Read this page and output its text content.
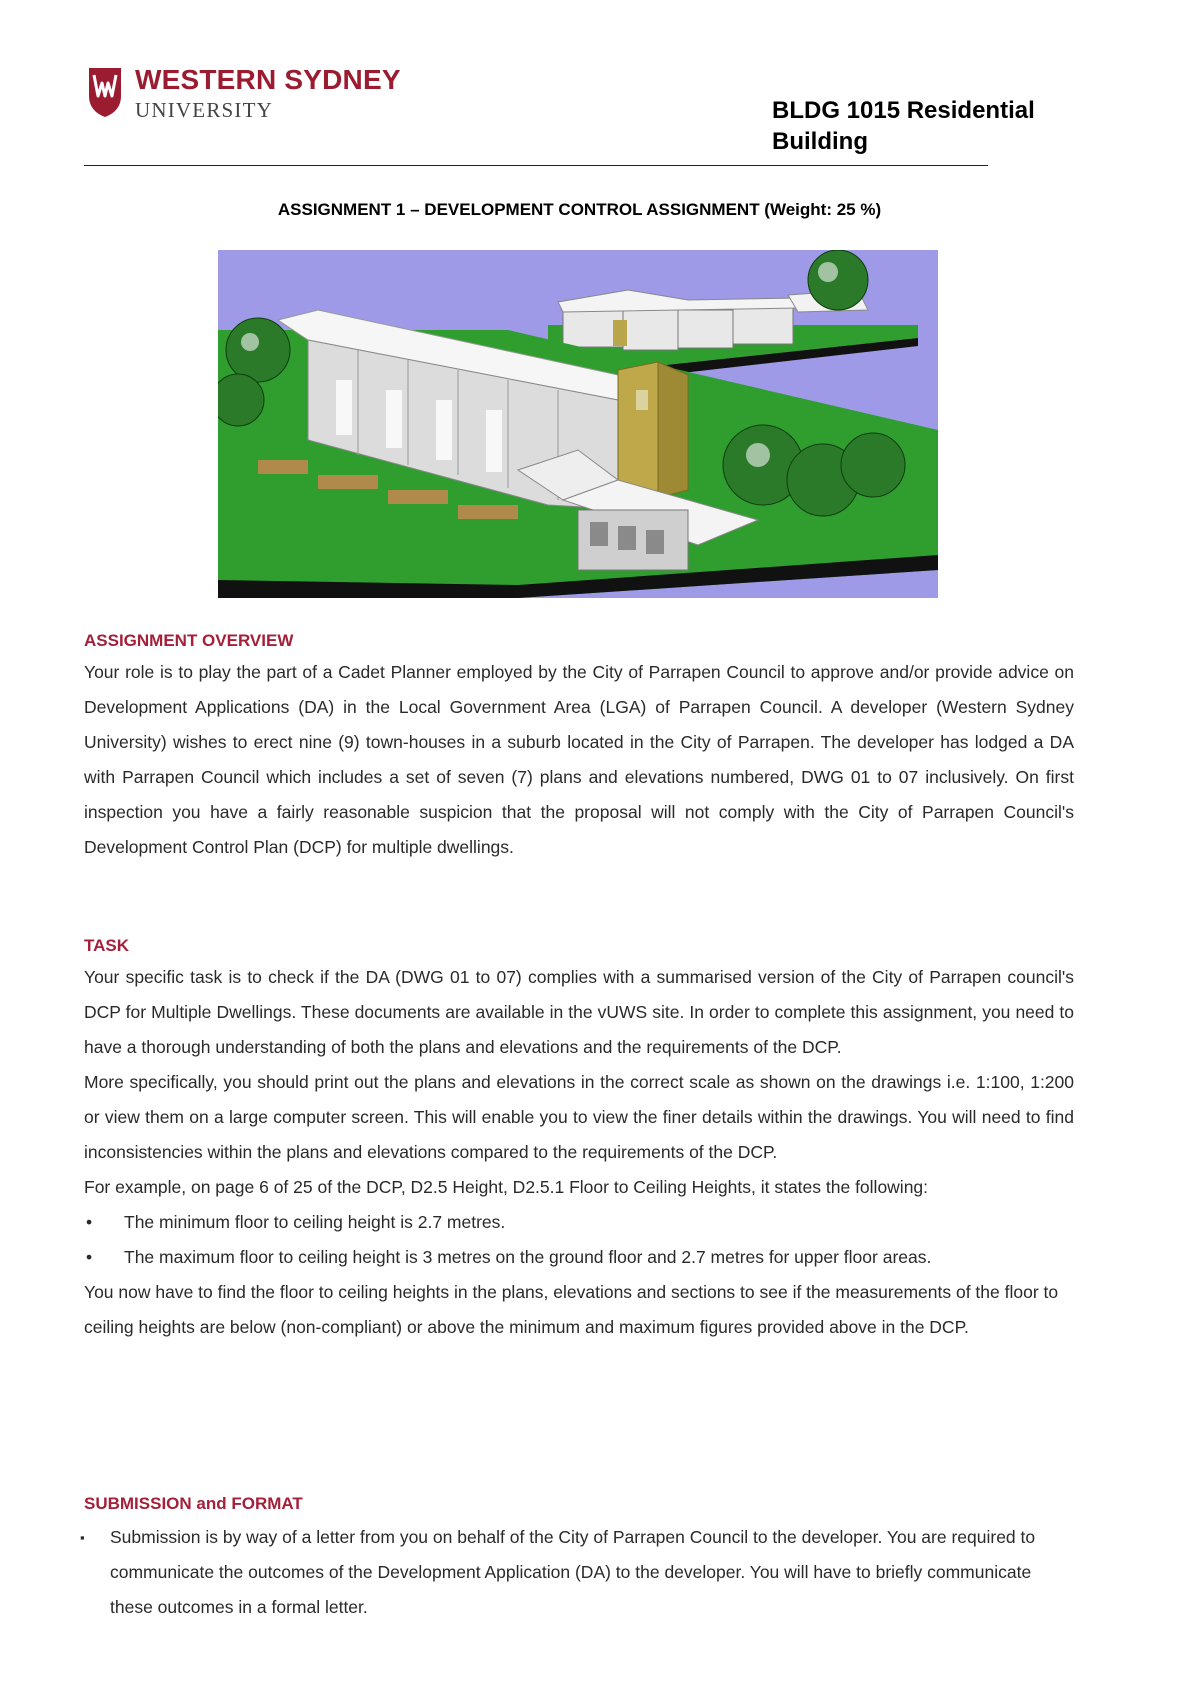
WESTERN SYDNEY
UNIVERSITY	BLDG 1015 Residential
Building
ASSIGNMENT 1 – DEVELOPMENT CONTROL ASSIGNMENT (Weight: 25 %)
ASSIGNMENT OVERVIEW

Your role is to play the part of a Cadet Planner employed by the City of Parrapen Council to approve and/or provide advice on Development Applications (DA) in the Local Government Area (LGA) of Parrapen Council. A developer (Western Sydney University) wishes to erect nine (9) town-houses in a suburb located in the City of Parrapen. The developer has lodged a DA with Parrapen Council which includes a set of seven (7) plans and elevations numbered, DWG 01 to 07 inclusively. On first inspection you have a fairly reasonable suspicion that the proposal will not comply with the City of Parrapen Council's Development Control Plan (DCP) for multiple dwellings.

TASK

Your specific task is to check if the DA (DWG 01 to 07) complies with a summarised version of the City of Parrapen council's DCP for Multiple Dwellings. These documents are available in the vUWS site. In order to complete this assignment, you need to have a thorough understanding of both the plans and elevations and the requirements of the DCP.

More specifically, you should print out the plans and elevations in the correct scale as shown on the drawings i.e. 1:100, 1:200 or view them on a large computer screen. This will enable you to view the finer details within the drawings. You will need to find inconsistencies within the plans and elevations compared to the requirements of the DCP.

For example, on page 6 of 25 of the DCP, D2.5 Height, D2.5.1 Floor to Ceiling Heights, it states the following:

• The minimum floor to ceiling height is 2.7 metres.
• The maximum floor to ceiling height is 3 metres on the ground floor and 2.7 metres for upper floor areas.

You now have to find the floor to ceiling heights in the plans, elevations and sections to see if the measurements of the floor to ceiling heights are below (non-compliant) or above the minimum and maximum figures provided above in the DCP.

SUBMISSION and FORMAT
▪ Submission is by way of a letter from you on behalf of the City of Parrapen Council to the developer. You are required to communicate the outcomes of the Development Application (DA) to the developer. You will have to briefly communicate these outcomes in a formal letter.
